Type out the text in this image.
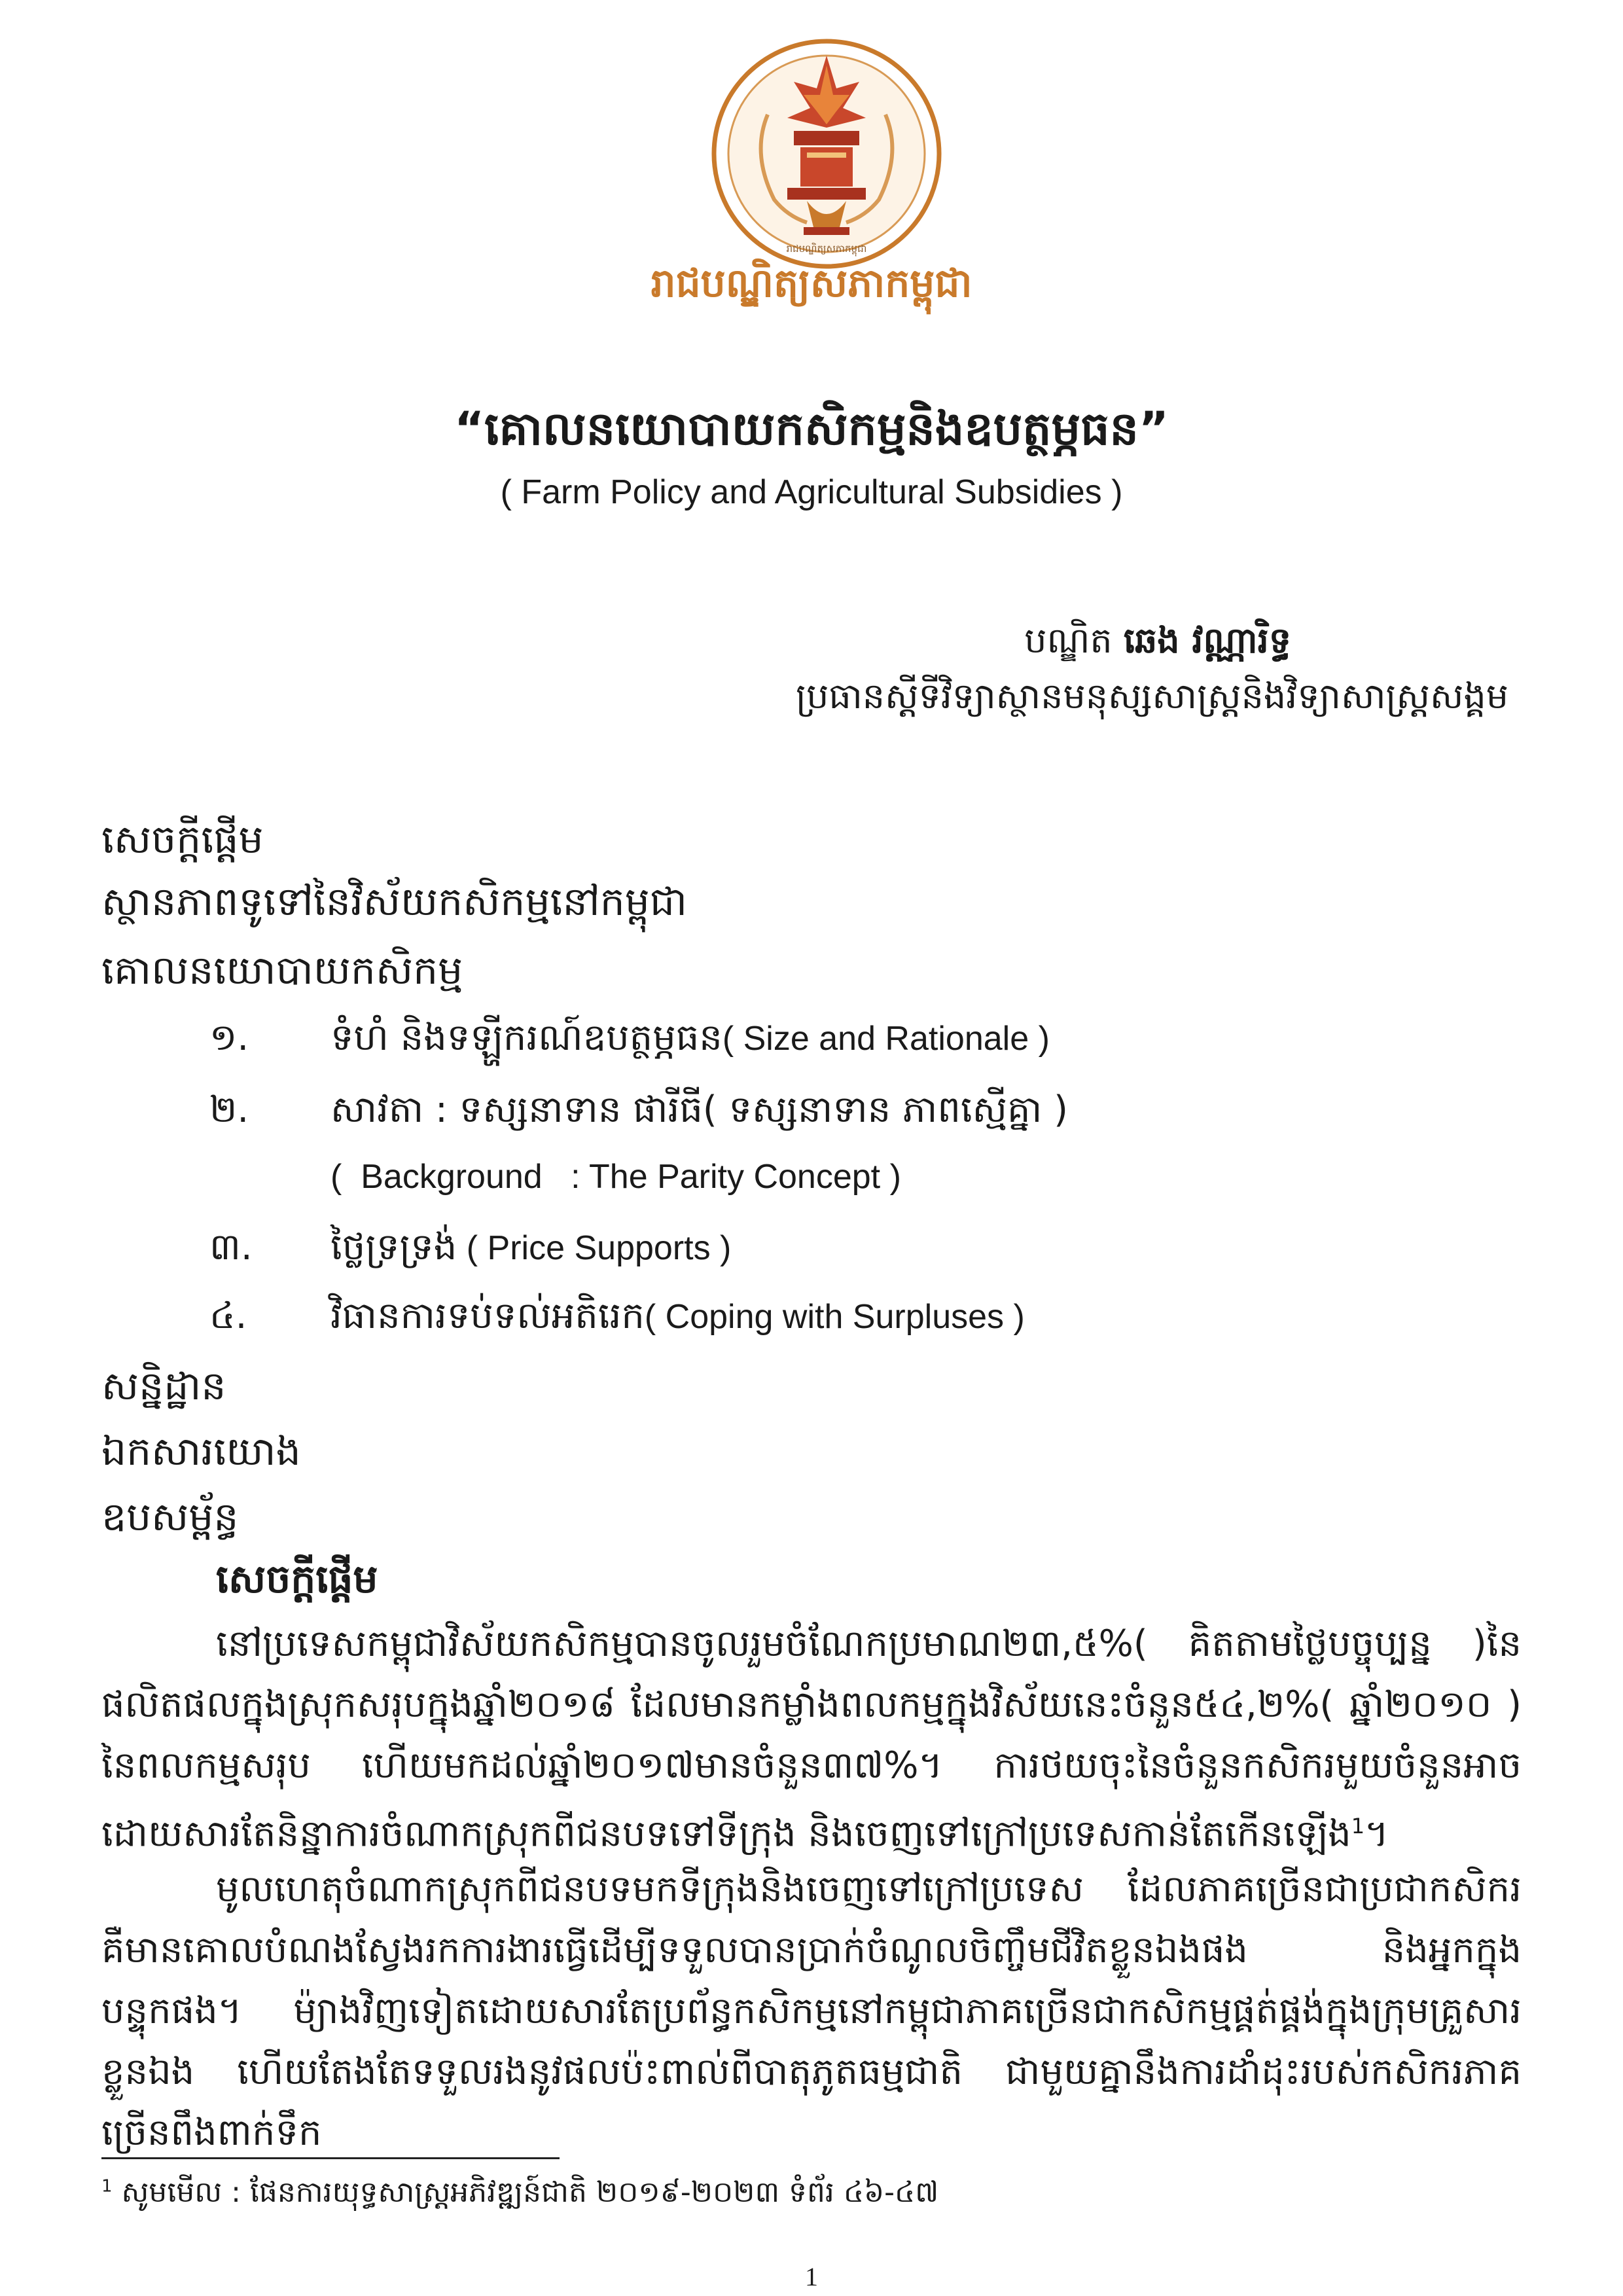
រាជបណ្ឌិត្យសភាកម្ពុជា
រាជបណ្ឌិត្យសភាកម្ពុជា
“គោលនយោបាយកសិកម្មនិងឧបត្ថម្ភធន”
( Farm Policy and Agricultural Subsidies )
បណ្ឌិត ឆេង វណ្ណារិទ្ធ
ប្រធានស្តីទីវិទ្យាស្ថានមនុស្សសាស្ត្រនិងវិទ្យាសាស្ត្រសង្គម
សេចក្តីផ្តើម
ស្ថានភាពទូទៅនៃវិស័យកសិកម្មនៅកម្ពុជា
គោលនយោបាយកសិកម្ម
១. ទំហំ និងទឡ្ហីករណ៍ឧបត្ថម្ភធន( Size and Rationale )
២. សាវតា : ទស្សនាទាន ផារីធី( ទស្សនាទាន ភាពស្មើគ្នា )
(  Background   : The Parity Concept )
៣. ថ្លៃទ្រទ្រង់ ( Price Supports )
៤. វិធានការទប់ទល់អតិរេក( Coping with Surpluses )
សន្និដ្ឋាន
ឯកសារយោង
ឧបសម្ព័ន្ធ
សេចក្តីផ្តើម
នៅប្រទេសកម្ពុជាវិស័យកសិកម្មបានចូលរួមចំណែកប្រមាណ២៣,៥%( គិតតាមថ្លៃបច្ចុប្បន្ន )នៃផលិតផលក្នុងស្រុកសរុបក្នុងឆ្នាំ២០១៨ ដែលមានកម្លាំងពលកម្មក្នុងវិស័យនេះចំនួន៥៤,២%( ឆ្នាំ២០១០ ) នៃពលកម្មសរុប ហើយមកដល់ឆ្នាំ២០១៧មានចំនួន៣៧%។ ការថយចុះនៃចំនួនកសិករមួយចំនួនអាចដោយសារតែនិន្នាការចំណាកស្រុកពីជនបទទៅទីក្រុង និងចេញទៅក្រៅប្រទេសកាន់តែកើនឡើង$^1$។
មូលហេតុចំណាកស្រុកពីជនបទមកទីក្រុងនិងចេញទៅក្រៅប្រទេស ដែលភាគច្រើនជាប្រជាកសិករ គឺមានគោលបំណងស្វែងរកការងារធ្វើដើម្បីទទួលបានប្រាក់ចំណូលចិញ្ចឹមជីវិតខ្លួនឯងផង និងអ្នកក្នុងបន្ទុកផង។ ម៉្យាងវិញទៀតដោយសារតែប្រព័ន្ធកសិកម្មនៅកម្ពុជាភាគច្រើនជាកសិកម្មផ្គត់ផ្គង់ក្នុងក្រុមគ្រួសារខ្លួនឯង ហើយតែងតែទទួលរងនូវផលប៉ះពាល់ពីបាតុភូតធម្មជាតិ ជាមួយគ្នានឹងការដាំដុះរបស់កសិករភាគច្រើនពឹងពាក់ទឹក
$^1$ សូមមើល : ផែនការយុទ្ធសាស្ត្រអភិវឌ្ឍន៍ជាតិ ២០១៩-២០២៣ ទំព័រ ៤៦-៤៧
1
